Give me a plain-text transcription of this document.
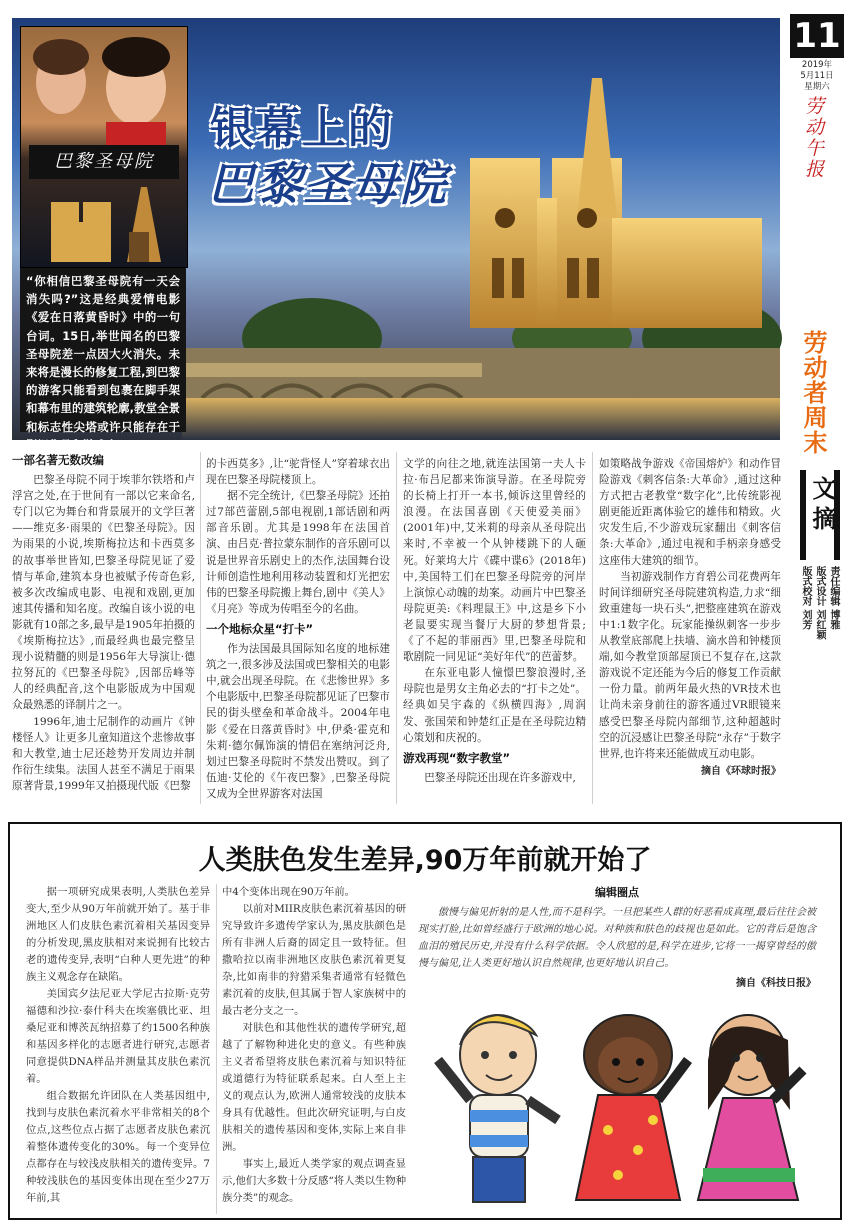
巴黎圣母院
银幕上的
巴黎圣母院
“你相信巴黎圣母院有一天会消失吗?”这是经典爱情电影《爱在日落黄昏时》中的一句台词。15日,举世闻名的巴黎圣母院差一点因大火消失。未来将是漫长的修复工程,到巴黎的游客只能看到包裹在脚手架和幕布里的建筑轮廓,教堂全景和标志性尖塔或许只能存在于影视作品和游戏中……
11
2019年
5月11日
星期六
劳动午报
劳动者周末
文摘
责任编辑 博雅
版式设计 刘红颖
版式校对 刘芳
一部名著无数改编

巴黎圣母院不同于埃菲尔铁塔和卢浮宫之处,在于世间有一部以它来命名,专门以它为舞台和背景展开的文学巨著——维克多·雨果的《巴黎圣母院》。因为雨果的小说,埃斯梅拉达和卡西莫多的故事举世皆知,巴黎圣母院见证了爱情与革命,建筑本身也被赋予传奇色彩,被多次改编成电影、电视和戏剧,更加速其传播和知名度。改编自该小说的电影就有10部之多,最早是1905年拍摄的《埃斯梅拉达》,而最经典也最完整呈现小说精髓的则是1956年大导演让·德拉努瓦的《巴黎圣母院》,因部岳峰等人的经典配音,这个电影版成为中国观众最熟悉的译制片之一。

1996年,迪士尼制作的动画片《钟楼怪人》让更多儿童知道这个悲惨故事和大教堂,迪士尼还趁势开发周边并制作衍生续集。法国人甚至不满足于雨果原著背景,1999年又拍摄现代版《巴黎

的卡西莫多》,让“驼背怪人”穿着球衣出现在巴黎圣母院楼顶上。

据不完全统计,《巴黎圣母院》还拍过7部芭蕾剧,5部电视剧,1部话剧和两部音乐剧。尤其是1998年在法国首演、由吕克·普拉蒙东制作的音乐剧可以说是世界音乐剧史上的杰作,法国舞台设计师创造性地利用移动装置和灯光把宏伟的巴黎圣母院搬上舞台,剧中《美人》《月亮》等成为传唱至今的名曲。

一个地标众星“打卡”

作为法国最具国际知名度的地标建筑之一,很多涉及法国或巴黎相关的电影中,就会出现圣母院。在《悲惨世界》多个电影版中,巴黎圣母院都见证了巴黎市民的街头壁垒和革命战斗。2004年电影《爱在日落黄昏时》中,伊桑·霍克和朱莉·德尔佩饰演的情侣在塞纳河泛舟,划过巴黎圣母院时不禁发出赞叹。到了伍迪·艾伦的《午夜巴黎》,巴黎圣母院又成为全世界游客对法国

文学的向往之地,就连法国第一夫人卡拉·布吕尼都来饰演导游。在圣母院旁的长椅上打开一本书,倾诉这里曾经的浪漫。在法国喜剧《天使爱美丽》(2001年)中,艾米莉的母亲从圣母院出来时,不幸被一个从钟楼跳下的人砸死。好莱坞大片《碟中谍6》(2018年)中,美国特工们在巴黎圣母院旁的河岸上演惊心动魄的劫案。动画片中巴黎圣母院更美:《料理鼠王》中,这是乡下小老鼠要实现当餐厅大厨的梦想背景;《了不起的菲丽西》里,巴黎圣母院和歌剧院一同见证“美好年代”的芭蕾梦。

在东亚电影人憧憬巴黎浪漫时,圣母院也是男女主角必去的“打卡之处”。经典如吴宇森的《纵横四海》,周润发、张国荣和钟楚红正是在圣母院边精心策划和庆祝的。

游戏再现“数字教堂”

巴黎圣母院还出现在许多游戏中,

如策略战争游戏《帝国熔炉》和动作冒险游戏《刺客信条:大革命》,通过这种方式把古老教堂“数字化”,比传统影视剧更能近距离体验它的雄伟和精致。火灾发生后,不少游戏玩家翻出《刺客信条:大革命》,通过电视和手柄亲身感受这座伟大建筑的细节。

当初游戏制作方育碧公司花费两年时间详细研究圣母院建筑构造,力求“细致重建每一块石头”,把整座建筑在游戏中1:1数字化。玩家能操纵刺客一步步从教堂底部爬上扶墙、滴水兽和钟楼顶端,如今教堂顶部屋顶已不复存在,这款游戏说不定还能为今后的修复工作贡献一份力量。前两年最火热的VR技术也让尚未亲身前往的游客通过VR眼镜来感受巴黎圣母院内部细节,这种超越时空的沉浸感让巴黎圣母院“永存”于数字世界,也许将来还能做成互动电影。

摘自《环球时报》
人类肤色发生差异,90万年前就开始了

据一项研究成果表明,人类肤色差异变大,至少从90万年前就开始了。基于非洲地区人们皮肤色素沉着相关基因变异的分析发现,黑皮肤相对来说拥有比较古老的遗传变异,表明“白种人更先进”的种族主义观念存在缺陷。

美国宾夕法尼亚大学尼古拉斯·克劳福德和沙拉·泰什科夫在埃塞俄比亚、坦桑尼亚和博茨瓦纳招募了约1500名种族和基因多样化的志愿者进行研究,志愿者同意提供DNA样品并测量其皮肤色素沉着。

组合数据允许团队在人类基因组中,找到与皮肤色素沉着水平非常相关的8个位点,这些位点占据了志愿者皮肤色素沉着整体遗传变化的30%。每一个变异位点都存在与较浅皮肤相关的遗传变异。7种较浅肤色的基因变体出现在至少27万年前,其

中4个变体出现在90万年前。

以前对MIIR皮肤色素沉着基因的研究导致许多遗传学家认为,黑皮肤颜色是所有非洲人后裔的固定且一致特征。但撒哈拉以南非洲地区皮肤色素沉着更复杂,比如南非的狩猎采集者通常有轻微色素沉着的皮肤,但其属于智人家族树中的最古老分支之一。

对肤色和其他性状的遗传学研究,超越了了解物种进化史的意义。有些种族主义者希望将皮肤色素沉着与知识特征或道德行为特征联系起来。白人至上主义的观点认为,欧洲人通常较浅的皮肤本身具有优越性。但此次研究证明,与白皮肤相关的遗传基因和变体,实际上来自非洲。

事实上,最近人类学家的观点调查显示,他们大多数十分反感“将人类以生物种族分类”的观念。

编辑圈点
傲慢与偏见折射的是人性,而不是科学。一旦把某些人群的好恶看成真理,最后往往会被现实打脸,比如曾经盛行于欧洲的地心说。对种族和肤色的歧视也是如此。它的背后是饱含血泪的殖民历史,并没有什么科学依据。令人欣慰的是,科学在进步,它将一一揭穿曾经的傲慢与偏见,让人类更好地认识自然规律,也更好地认识自己。
摘自《科技日报》
